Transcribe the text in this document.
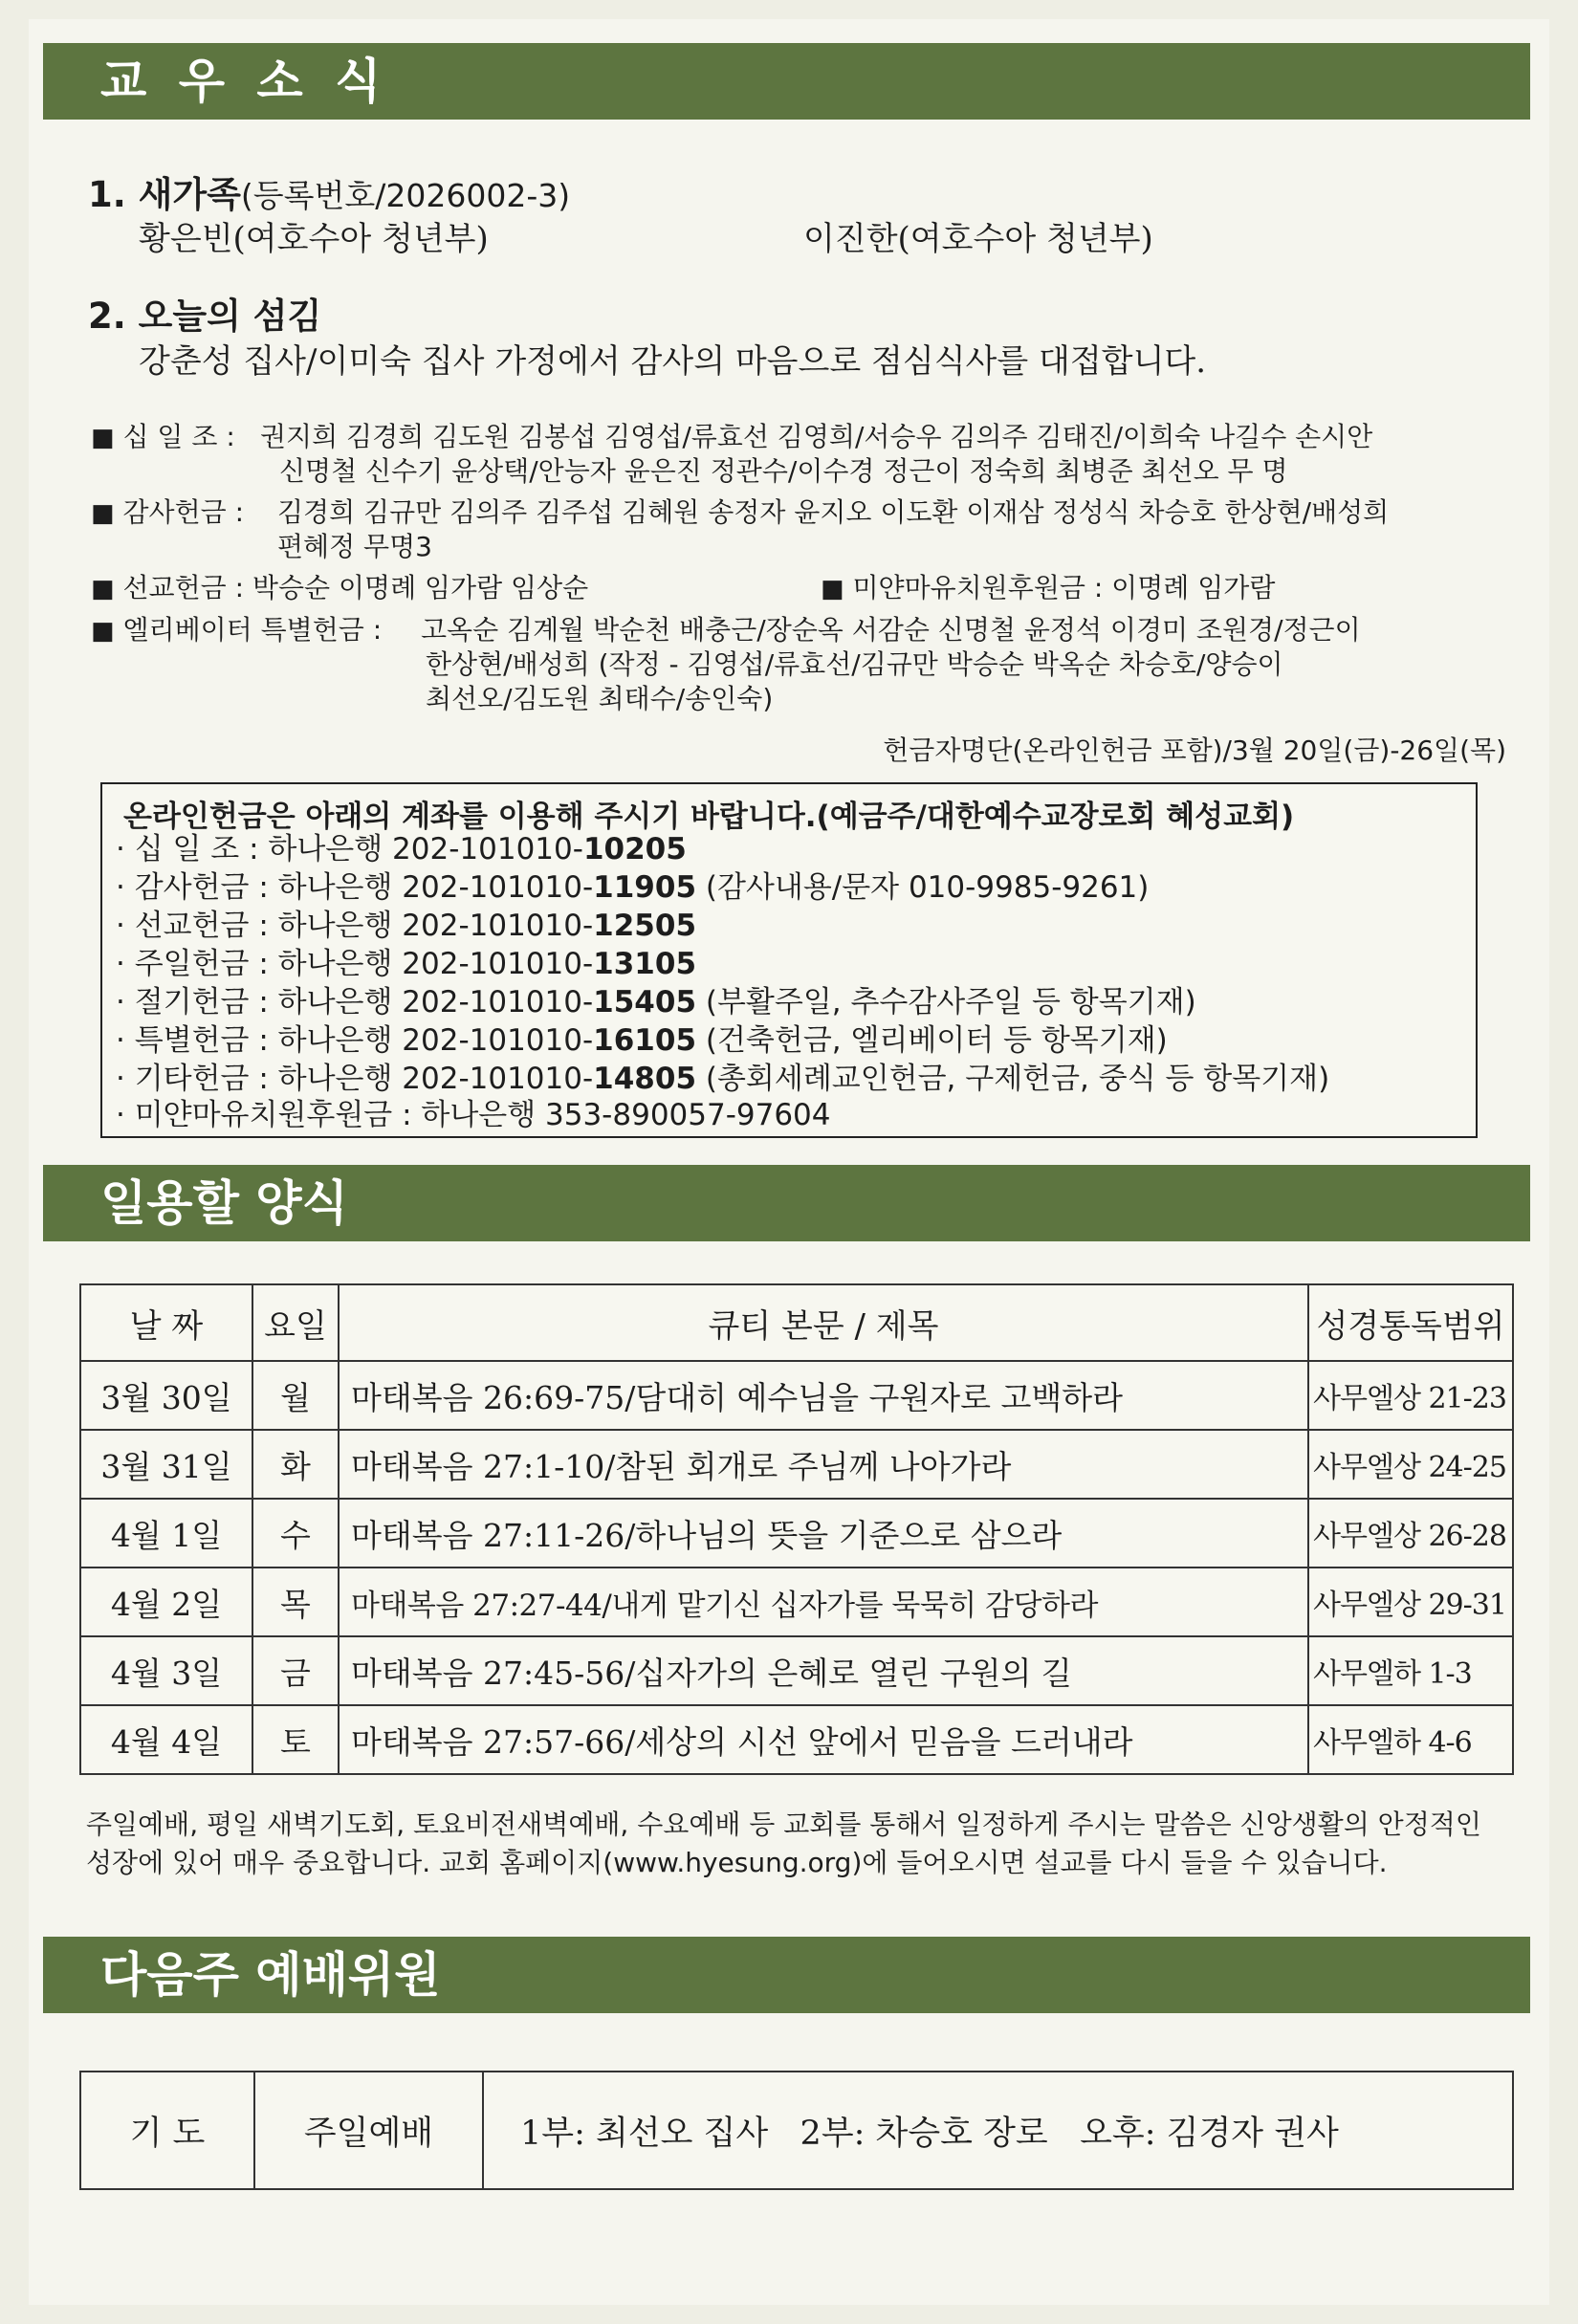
교 우 소 식
1. 새가족(등록번호/2026002-3)
황은빈(여호수아 청년부)	이진한(여호수아 청년부)
2. 오늘의 섬김
강춘성 집사/이미숙 집사 가정에서 감사의 마음으로 점심식사를 대접합니다.
■ 십 일 조 : 권지희 김경희 김도원 김봉섭 김영섭/류효선 김영희/서승우 김의주 김태진/이희숙 나길수 손시안
신명철 신수기 윤상택/안능자 윤은진 정관수/이수경 정근이 정숙희 최병준 최선오 무 명
■ 감사헌금 : 김경희 김규만 김의주 김주섭 김혜원 송정자 윤지오 이도환 이재삼 정성식 차승호 한상현/배성희
편혜정 무명3
■ 선교헌금 : 박승순 이명례 임가람 임상순	■ 미얀마유치원후원금 : 이명례 임가람
■ 엘리베이터 특별헌금 : 고옥순 김계월 박순천 배충근/장순옥 서감순 신명철 윤정석 이경미 조원경/정근이
한상현/배성희 (작정 - 김영섭/류효선/김규만 박승순 박옥순 차승호/양승이
최선오/김도원 최태수/송인숙)
헌금자명단(온라인헌금 포함)/3월 20일(금)-26일(목)
온라인헌금은 아래의 계좌를 이용해 주시기 바랍니다.(예금주/대한예수교장로회 혜성교회)
· 십 일 조 : 하나은행 202-101010-10205
· 감사헌금 : 하나은행 202-101010-11905 (감사내용/문자 010-9985-9261)
· 선교헌금 : 하나은행 202-101010-12505
· 주일헌금 : 하나은행 202-101010-13105
· 절기헌금 : 하나은행 202-101010-15405 (부활주일, 추수감사주일 등 항목기재)
· 특별헌금 : 하나은행 202-101010-16105 (건축헌금, 엘리베이터 등 항목기재)
· 기타헌금 : 하나은행 202-101010-14805 (총회세례교인헌금, 구제헌금, 중식 등 항목기재)
· 미얀마유치원후원금 : 하나은행 353-890057-97604
일용할 양식
날 짜	요일	큐티 본문 / 제목	성경통독범위
3월 30일	월	마태복음 26:69-75/담대히 예수님을 구원자로 고백하라	사무엘상 21-23
3월 31일	화	마태복음 27:1-10/참된 회개로 주님께 나아가라	사무엘상 24-25
4월 1일	수	마태복음 27:11-26/하나님의 뜻을 기준으로 삼으라	사무엘상 26-28
4월 2일	목	마태복음 27:27-44/내게 맡기신 십자가를 묵묵히 감당하라	사무엘상 29-31
4월 3일	금	마태복음 27:45-56/십자가의 은혜로 열린 구원의 길	사무엘하 1-3
4월 4일	토	마태복음 27:57-66/세상의 시선 앞에서 믿음을 드러내라	사무엘하 4-6
주일예배, 평일 새벽기도회, 토요비전새벽예배, 수요예배 등 교회를 통해서 일정하게 주시는 말씀은 신앙생활의 안정적인 성장에 있어 매우 중요합니다. 교회 홈페이지(www.hyesung.org)에 들어오시면 설교를 다시 들을 수 있습니다.
다음주 예배위원
기 도	주일예배	1부: 최선오 집사   2부: 차승호 장로   오후: 김경자 권사
